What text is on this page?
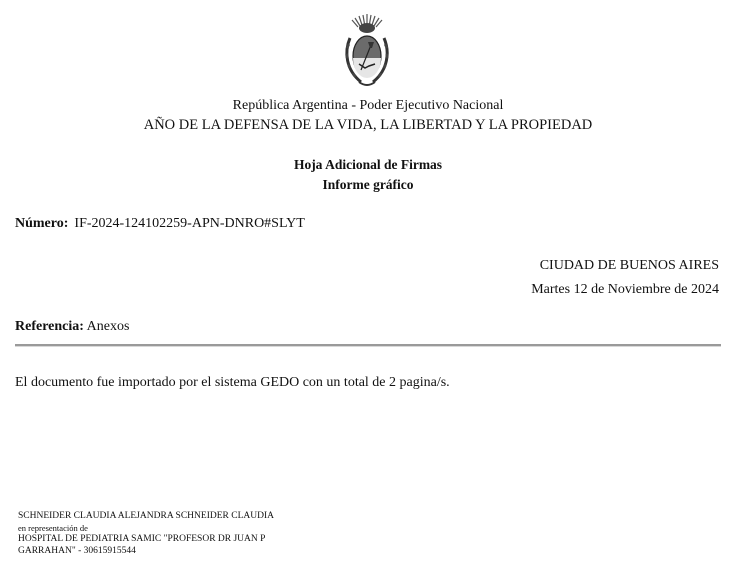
República Argentina - Poder Ejecutivo Nacional
AÑO DE LA DEFENSA DE LA VIDA, LA LIBERTAD Y LA PROPIEDAD
Hoja Adicional de Firmas
Informe gráfico
Número: IF-2024-124102259-APN-DNRO#SLYT
CIUDAD DE BUENOS AIRES
Martes 12 de Noviembre de 2024
Referencia: Anexos
El documento fue importado por el sistema GEDO con un total de 2 pagina/s.
SCHNEIDER CLAUDIA ALEJANDRA SCHNEIDER CLAUDIA
en representación de
HOSPITAL DE PEDIATRIA SAMIC "PROFESOR DR JUAN P
GARRAHAN" - 30615915544
